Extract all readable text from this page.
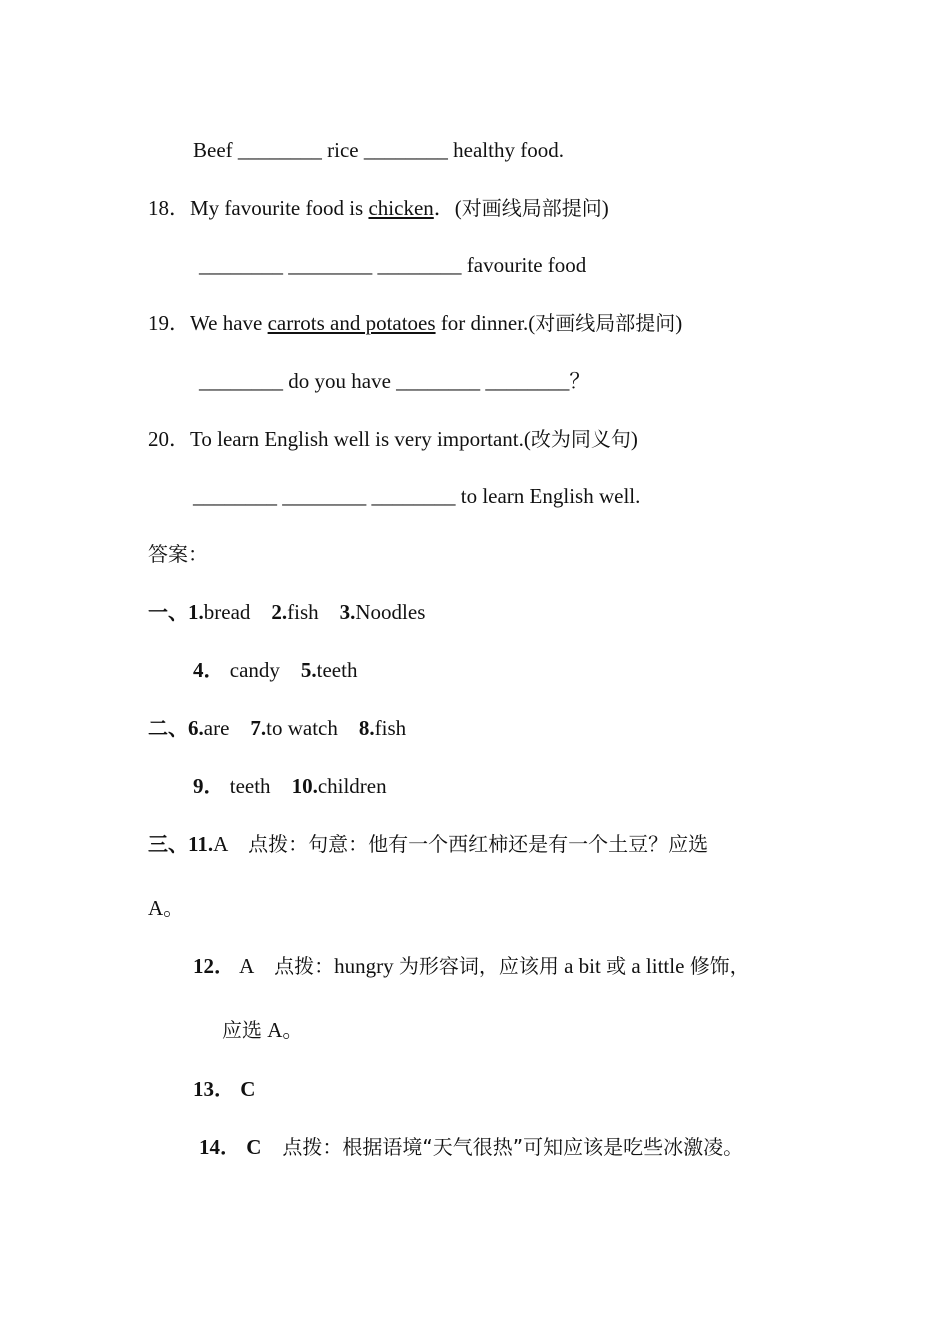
Beef ________ rice ________ healthy food.
18．My favourite food is chicken．(对画线局部提问)
________ ________ ________ favourite food
19．We have carrots and potatoes for dinner.(对画线局部提问)
________ do you have ________ ________？
20．To learn English well is very important.(改为同义句)
________ ________ ________ to learn English well.
答案：
一、1.bread 2.fish 3.Noodles
4． candy 5.teeth
二、6.are 7.to watch 8.fish
9． teeth 10.children
三、11.A 点拨：句意：他有一个西红柿还是有一个土豆？应选
A。
12． A 点拨：hungry 为形容词，应该用 a bit 或 a little 修饰，
应选 A。
13． C
14． C 点拨：根据语境“天气很热”可知应该是吃些冰激凌。
